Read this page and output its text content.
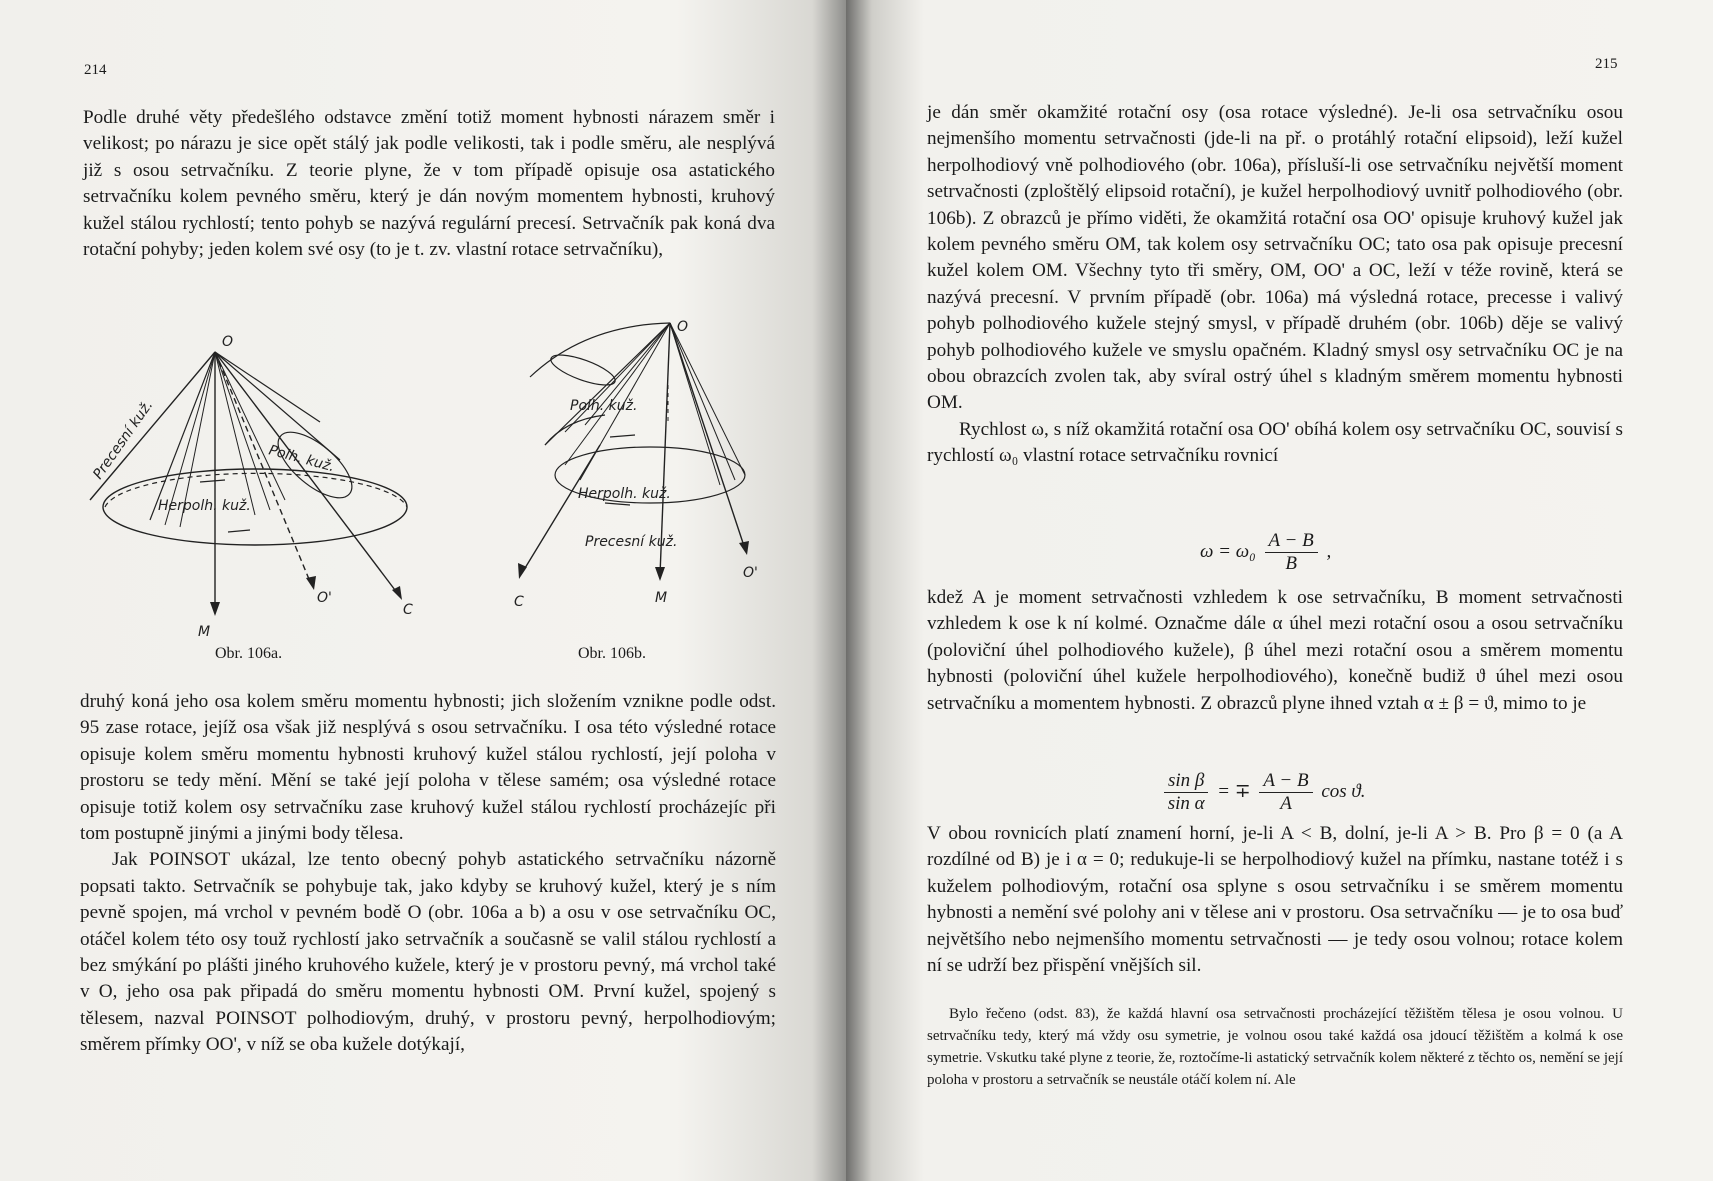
214

Podle druhé věty předešlého odstavce změní totiž moment hybnosti nárazem směr i velikost; po nárazu je sice opět stálý jak podle velikosti, tak i podle směru, ale nesplývá již s osou setrvačníku. Z teorie plyne, že v tom případě opisuje osa astatického setrvačníku kolem pevného směru, který je dán novým momentem hybnosti, kruhový kužel stálou rychlostí; tento pohyb se nazývá regulární precesí. Setrvačník pak koná dva rotační pohyby; jeden kolem své osy (to je t. zv. vlastní rotace setrvačníku),

O
M
O'
C
Precesní kuž.	Polh. kuž.
Herpolh. kuž.
Obr. 106a.
O
M
O'
C
Polh. kuž.
Herpolh. kuž.
Precesní kuž.
Obr. 106b.

druhý koná jeho osa kolem směru momentu hybnosti; jich složením vznikne podle odst. 95 zase rotace, jejíž osa však již nesplývá s osou setrvačníku. I osa této výsledné rotace opisuje kolem směru momentu hybnosti kruhový kužel stálou rychlostí, její poloha v prostoru se tedy mění. Mění se také její poloha v tělese samém; osa výsledné rotace opisuje totiž kolem osy setrvačníku zase kruhový kužel stálou rychlostí procházejíc při tom postupně jinými a jinými body tělesa.

Jak POINSOT ukázal, lze tento obecný pohyb astatického setrvačníku názorně popsati takto. Setrvačník se pohybuje tak, jako kdyby se kruhový kužel, který je s ním pevně spojen, má vrchol v pevném bodě O (obr. 106a a b) a osu v ose setrvačníku OC, otáčel kolem této osy touž rychlostí jako setrvačník a současně se valil stálou rychlostí a bez smýkání po plášti jiného kruhového kužele, který je v prostoru pevný, má vrchol také v O, jeho osa pak připadá do směru momentu hybnosti OM. První kužel, spojený s tělesem, nazval POINSOT polhodiovým, druhý, v prostoru pevný, herpolhodiovým; směrem přímky OO', v níž se oba kužele dotýkají,

215

je dán směr okamžité rotační osy (osa rotace výsledné). Je-li osa setrvačníku osou nejmenšího momentu setrvačnosti (jde-li na př. o protáhlý rotační elipsoid), leží kužel herpolhodiový vně polhodiového (obr. 106a), přísluší-li ose setrvačníku největší moment setrvačnosti (zploštělý elipsoid rotační), je kužel herpolhodiový uvnitř polhodiového (obr. 106b). Z obrazců je přímo viděti, že okamžitá rotační osa OO' opisuje kruhový kužel jak kolem pevného směru OM, tak kolem osy setrvačníku OC; tato osa pak opisuje precesní kužel kolem OM. Všechny tyto tři směry, OM, OO' a OC, leží v téže rovině, která se nazývá precesní. V prvním případě (obr. 106a) má výsledná rotace, precesse i valivý pohyb polhodiového kužele stejný smysl, v případě druhém (obr. 106b) děje se valivý pohyb polhodiového kužele ve smyslu opačném. Kladný smysl osy setrvačníku OC je na obou obrazcích zvolen tak, aby svíral ostrý úhel s kladným směrem momentu hybnosti OM.

Rychlost ω, s níž okamžitá rotační osa OO' obíhá kolem osy setrvačníku OC, souvisí s rychlostí ω₀ vlastní rotace setrvačníku rovnicí

$\omega = \omega_0 \frac{A - B}{B}$ ,

kdež A je moment setrvačnosti vzhledem k ose setrvačníku, B moment setrvačnosti vzhledem k ose k ní kolmé. Označme dále α úhel mezi rotační osou a osou setrvačníku (poloviční úhel polhodiového kužele), β úhel mezi rotační osou a směrem momentu hybnosti (poloviční úhel kužele herpolhodiového), konečně budiž ϑ úhel mezi osou setrvačníku a momentem hybnosti. Z obrazců plyne ihned vztah α ± β = ϑ, mimo to je

$\frac{\text{sin β}}{\text{sin α}}$ = ∓ $\frac{A - B}{A}$ cos ϑ.

V obou rovnicích platí znamení horní, je-li A < B, dolní, je-li A > B. Pro β = 0 (a A rozdílné od B) je i α = 0; redukuje-li se herpolhodiový kužel na přímku, nastane totéž i s kuželem polhodiovým, rotační osa splyne s osou setrvačníku i se směrem momentu hybnosti a nemění své polohy ani v tělese ani v prostoru. Osa setrvačníku — je to osa buď největšího nebo nejmenšího momentu setrvačnosti — je tedy osou volnou; rotace kolem ní se udrží bez přispění vnějších sil.

Bylo řečeno (odst. 83), že každá hlavní osa setrvačnosti procházející těžištěm tělesa je osou volnou. U setrvačníku tedy, který má vždy osu symetrie, je volnou osou také každá osa jdoucí těžištěm a kolmá k ose symetrie. Vskutku také plyne z teorie, že, roztočíme-li astatický setrvačník kolem některé z těchto os, nemění se její poloha v prostoru a setrvačník se neustále otáčí kolem ní. Ale
